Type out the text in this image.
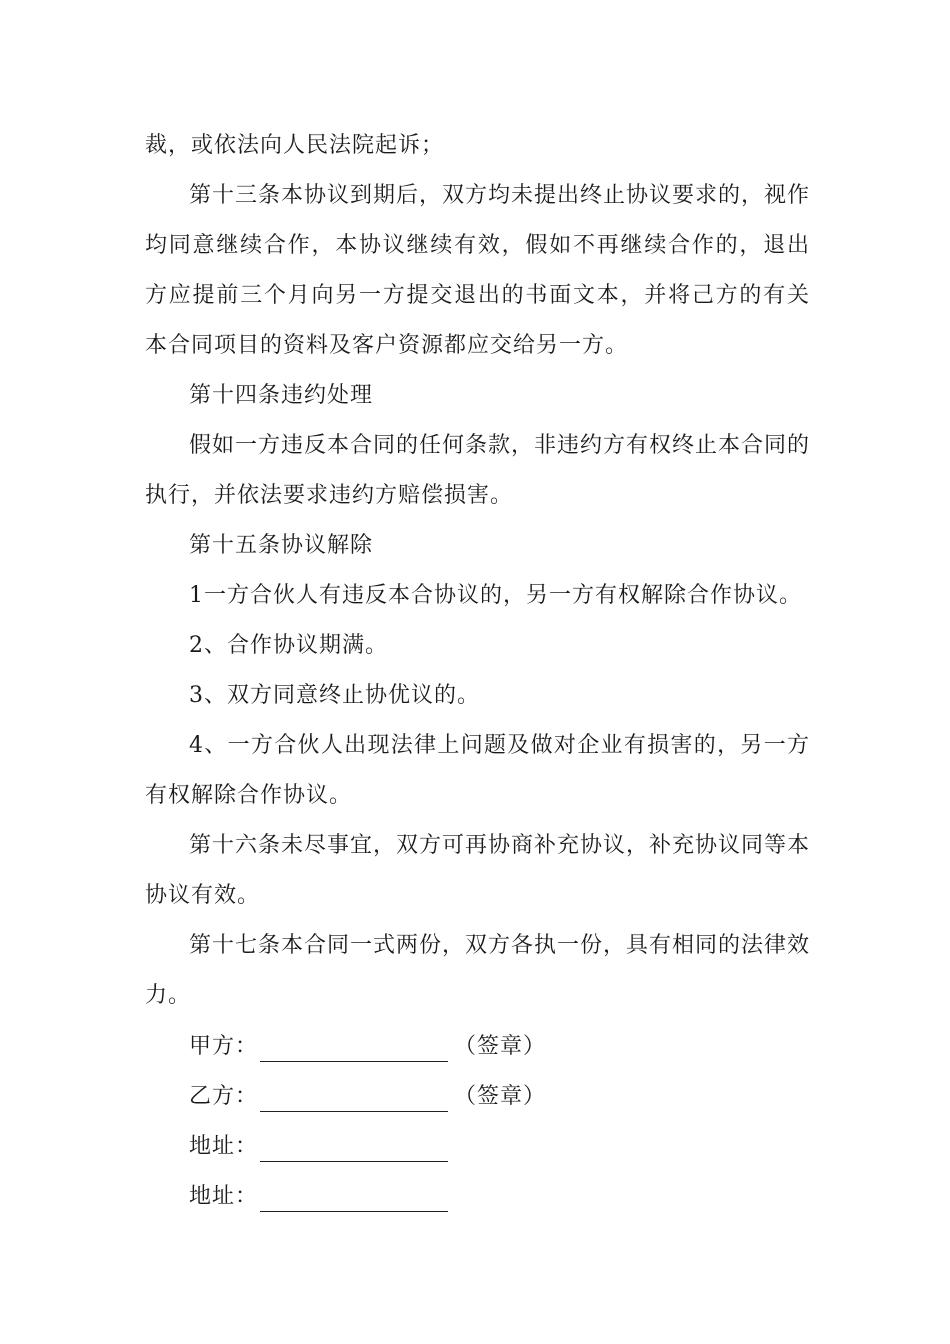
裁，或依法向人民法院起诉；

第十三条本协议到期后，双方均未提出终止协议要求的，视作均同意继续合作，本协议继续有效，假如不再继续合作的，退出方应提前三个月向另一方提交退出的书面文本，并将己方的有关本合同项目的资料及客户资源都应交给另一方。

第十四条违约处理

假如一方违反本合同的任何条款，非违约方有权终止本合同的执行，并依法要求违约方赔偿损害。

第十五条协议解除

1一方合伙人有违反本合协议的，另一方有权解除合作协议。

2、合作协议期满。

3、双方同意终止协优议的。

4、一方合伙人出现法律上问题及做对企业有损害的，另一方有权解除合作协议。

第十六条未尽事宜，双方可再协商补充协议，补充协议同等本协议有效。

第十七条本合同一式两份，双方各执一份，具有相同的法律效力。

甲方：	（签章）
乙方：	（签章）
地址：
地址：
